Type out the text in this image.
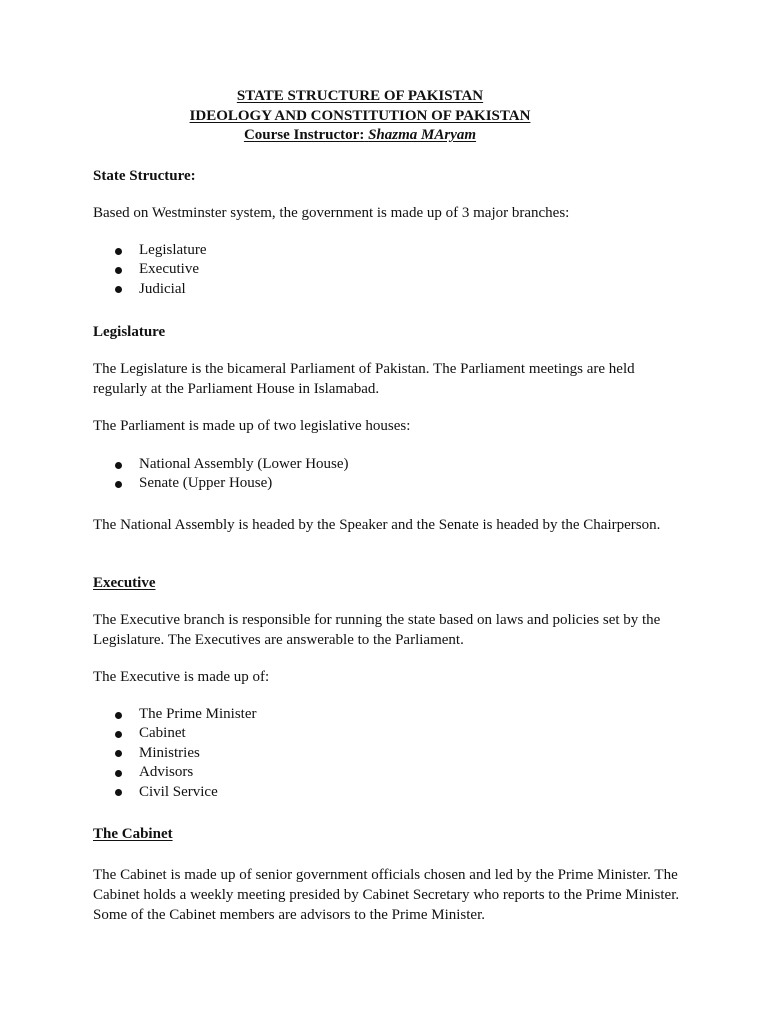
STATE STRUCTURE OF PAKISTAN
IDEOLOGY AND CONSTITUTION OF PAKISTAN
Course Instructor: Shazma MAryam
State Structure:
Based on Westminster system, the government is made up of 3 major branches:
Legislature
Executive
Judicial
Legislature
The Legislature is the bicameral Parliament of Pakistan. The Parliament meetings are held regularly at the Parliament House in Islamabad.
The Parliament is made up of two legislative houses:
National Assembly (Lower House)
Senate (Upper House)
The National Assembly is headed by the Speaker and the Senate is headed by the Chairperson.
Executive
The Executive branch is responsible for running the state based on laws and policies set by the Legislature. The Executives are answerable to the Parliament.
The Executive is made up of:
The Prime Minister
Cabinet
Ministries
Advisors
Civil Service
The Cabinet
The Cabinet is made up of senior government officials chosen and led by the Prime Minister. The Cabinet holds a weekly meeting presided by Cabinet Secretary who reports to the Prime Minister. Some of the Cabinet members are advisors to the Prime Minister.
